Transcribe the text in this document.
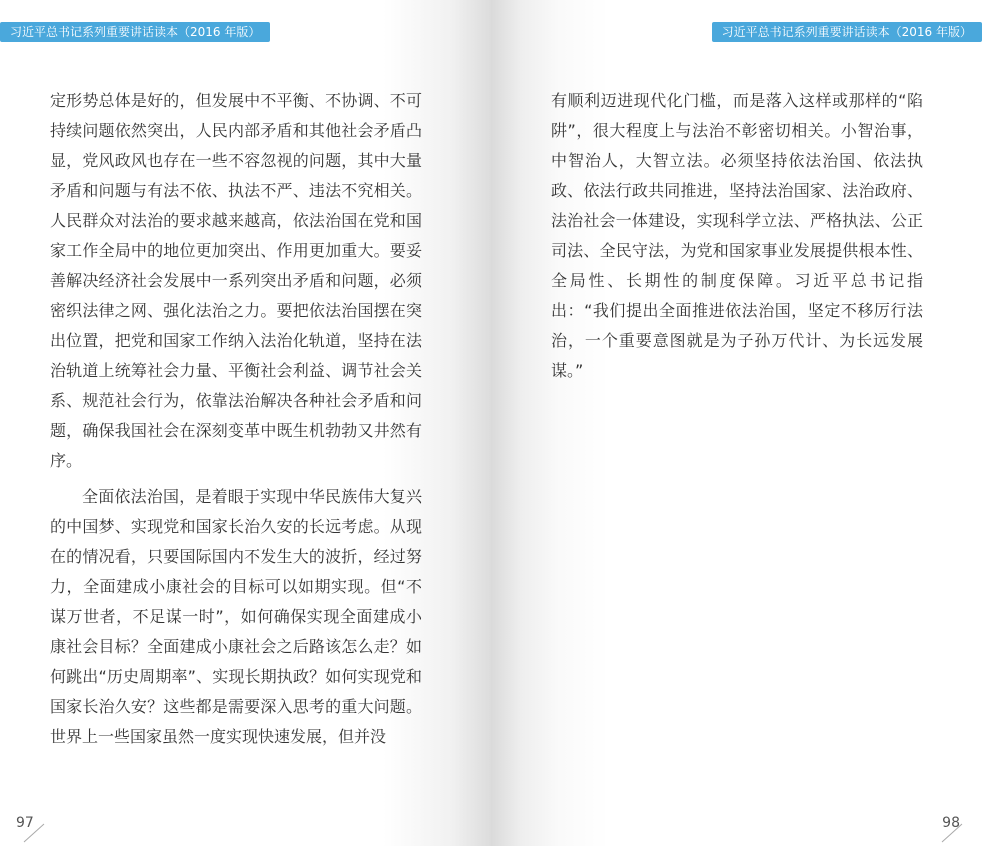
习近平总书记系列重要讲话读本（2016 年版）

定形势总体是好的，但发展中不平衡、不协调、不可持续问题依然突出，人民内部矛盾和其他社会矛盾凸显，党风政风也存在一些不容忽视的问题，其中大量矛盾和问题与有法不依、执法不严、违法不究相关。人民群众对法治的要求越来越高，依法治国在党和国家工作全局中的地位更加突出、作用更加重大。要妥善解决经济社会发展中一系列突出矛盾和问题，必须密织法律之网、强化法治之力。要把依法治国摆在突出位置，把党和国家工作纳入法治化轨道，坚持在法治轨道上统筹社会力量、平衡社会利益、调节社会关系、规范社会行为，依靠法治解决各种社会矛盾和问题，确保我国社会在深刻变革中既生机勃勃又井然有序。

全面依法治国，是着眼于实现中华民族伟大复兴的中国梦、实现党和国家长治久安的长远考虑。从现在的情况看，只要国际国内不发生大的波折，经过努力，全面建成小康社会的目标可以如期实现。但“不谋万世者，不足谋一时”，如何确保实现全面建成小康社会目标？全面建成小康社会之后路该怎么走？如何跳出“历史周期率”、实现长期执政？如何实现党和国家长治久安？这些都是需要深入思考的重大问题。世界上一些国家虽然一度实现快速发展，但并没

97
习近平总书记系列重要讲话读本（2016 年版）

有顺利迈进现代化门槛，而是落入这样或那样的“陷阱”，很大程度上与法治不彰密切相关。小智治事，中智治人，大智立法。必须坚持依法治国、依法执政、依法行政共同推进，坚持法治国家、法治政府、法治社会一体建设，实现科学立法、严格执法、公正司法、全民守法，为党和国家事业发展提供根本性、全局性、长期性的制度保障。习近平总书记指出：“我们提出全面推进依法治国，坚定不移厉行法治，一个重要意图就是为子孙万代计、为长远发展谋。”

98
